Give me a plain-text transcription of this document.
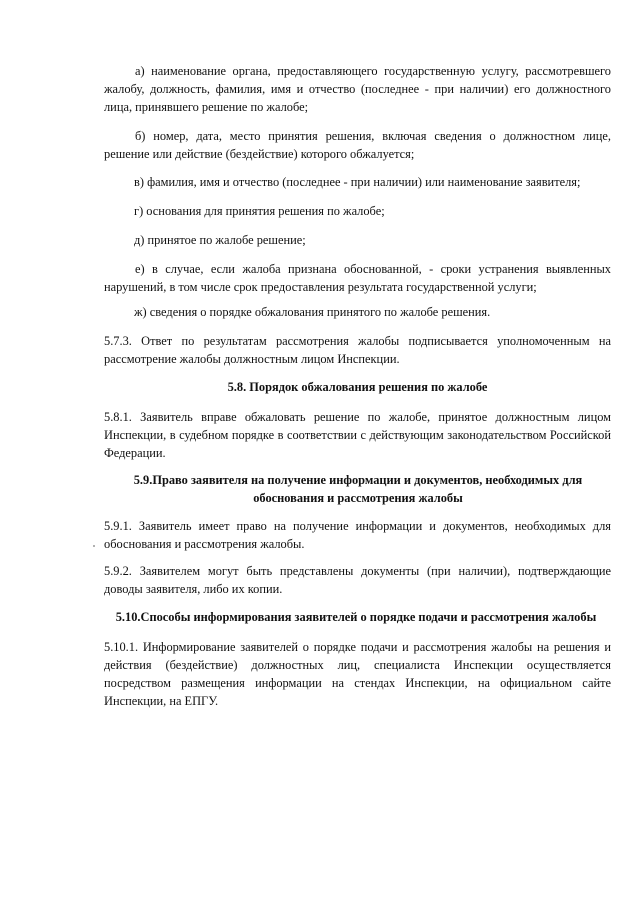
а) наименование органа, предоставляющего государственную услугу, рассмотревшего жалобу, должность, фамилия, имя и отчество (последнее - при наличии) его должностного лица, принявшего решение по жалобе;

б) номер, дата, место принятия решения, включая сведения о должностном лице, решение или действие (бездействие) которого обжалуется;

в) фамилия, имя и отчество (последнее - при наличии) или наименование заявителя;

г) основания для принятия решения по жалобе;

д) принятое по жалобе решение;

е) в случае, если жалоба признана обоснованной, - сроки устранения выявленных нарушений, в том числе срок предоставления результата государственной услуги;

ж) сведения о порядке обжалования принятого по жалобе решения.

5.7.3. Ответ по результатам рассмотрения жалобы подписывается уполномоченным на рассмотрение жалобы должностным лицом Инспекции.

5.8. Порядок обжалования решения по жалобе

5.8.1. Заявитель вправе обжаловать решение по жалобе, принятое должностным лицом Инспекции, в судебном порядке в соответствии с действующим законодательством Российской Федерации.

5.9.Право заявителя на получение информации и документов, необходимых для обоснования и рассмотрения жалобы

5.9.1. Заявитель имеет право на получение информации и документов, необходимых для обоснования и рассмотрения жалобы.

5.9.2. Заявителем могут быть представлены документы (при наличии), подтверждающие доводы заявителя, либо их копии.

5.10.Способы информирования заявителей о порядке подачи и рассмотрения жалобы

5.10.1. Информирование заявителей о порядке подачи и рассмотрения жалобы на решения и действия (бездействие) должностных лиц, специалиста Инспекции осуществляется посредством размещения информации на стендах Инспекции, на официальном сайте Инспекции, на ЕПГУ.
